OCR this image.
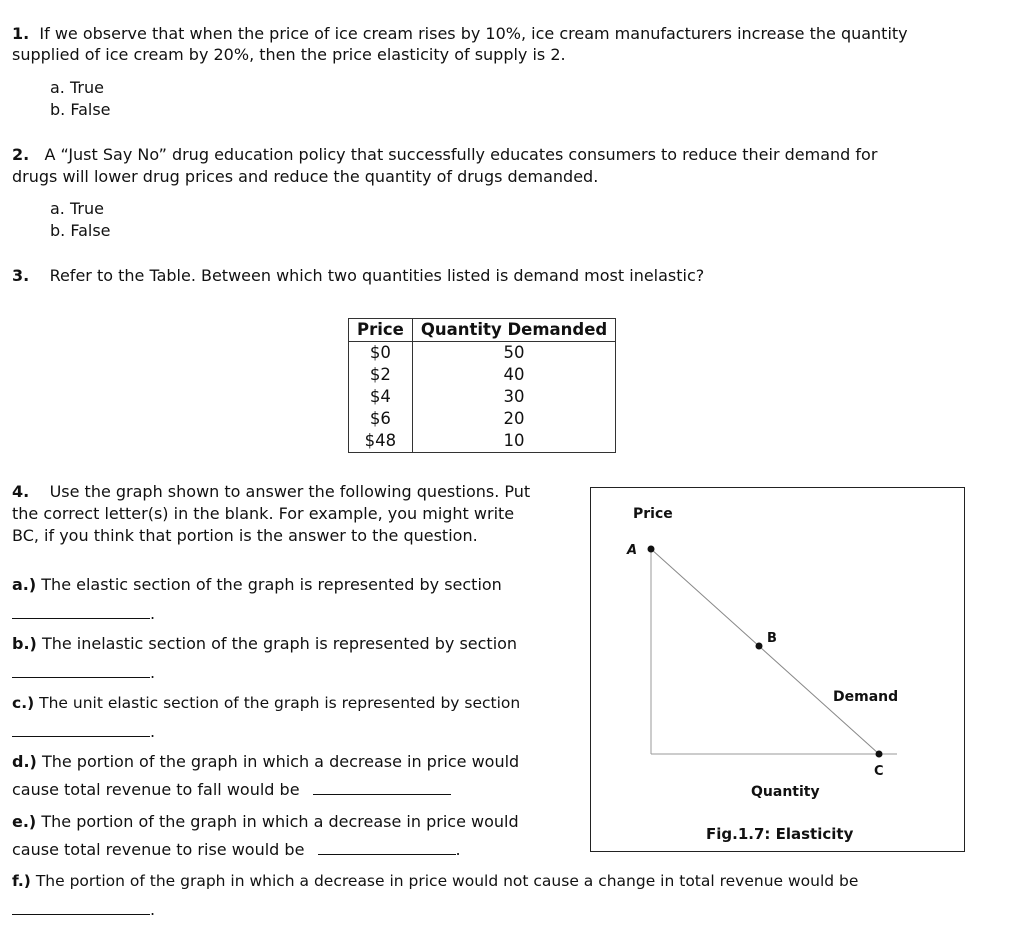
1. If we observe that when the price of ice cream rises by 10%, ice cream manufacturers increase the quantity
supplied of ice cream by 20%, then the price elasticity of supply is 2.
a. True
b. False
2. A “Just Say No” drug education policy that successfully educates consumers to reduce their demand for
drugs will lower drug prices and reduce the quantity of drugs demanded.
a. True
b. False
3. Refer to the Table. Between which two quantities listed is demand most inelastic?
Price	Quantity Demanded
$0	50
$2	40
$4	30
$6	20
$48	10
4. Use the graph shown to answer the following questions. Put
the correct letter(s) in the blank. For example, you might write
BC, if you think that portion is the answer to the question.
a.) The elastic section of the graph is represented by section
.
b.) The inelastic section of the graph is represented by section
.
c.) The unit elastic section of the graph is represented by section
.
d.) The portion of the graph in which a decrease in price would
cause total revenue to fall would be
e.) The portion of the graph in which a decrease in price would
cause total revenue to rise would be	.
f.) The portion of the graph in which a decrease in price would not cause a change in total revenue would be
.
Price
A
B
Demand
C
Quantity
Fig.1.7: Elasticity
